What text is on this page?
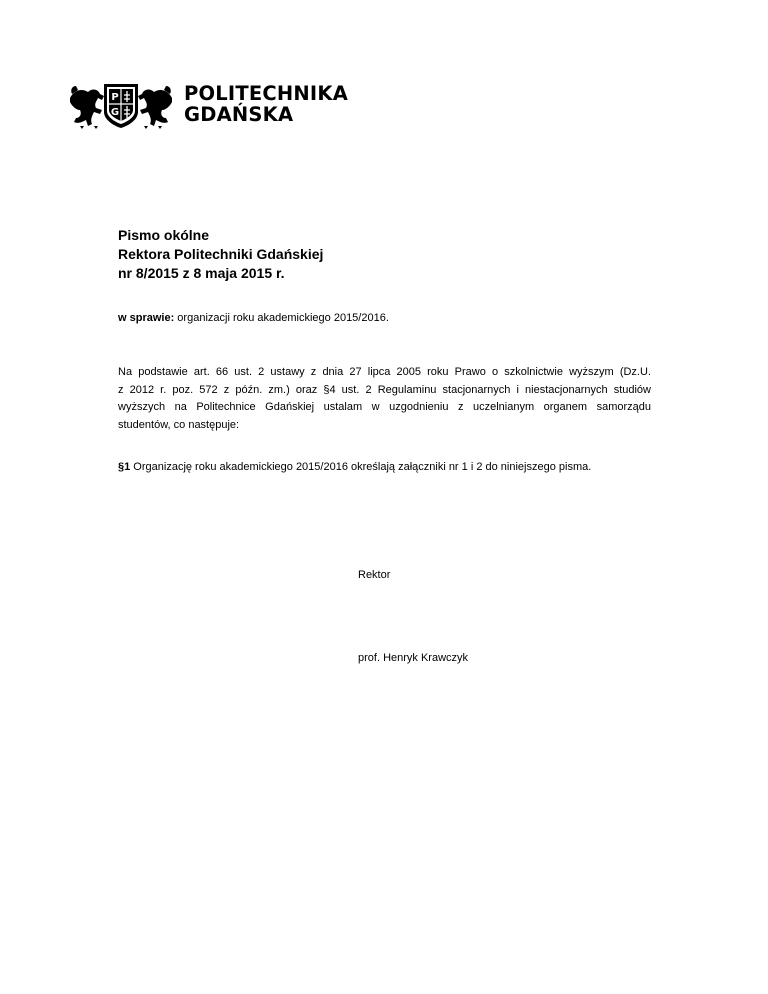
P
G
POLITECHNIKA
GDAŃSKA
Pismo okólne
Rektora Politechniki Gdańskiej
nr 8/2015 z 8 maja 2015 r.
w sprawie: organizacji roku akademickiego 2015/2016.
Na podstawie art. 66 ust. 2 ustawy z dnia 27 lipca 2005 roku Prawo o szkolnictwie wyższym (Dz.U.
z 2012 r. poz. 572 z późn. zm.) oraz §4 ust. 2 Regulaminu stacjonarnych i niestacjonarnych studiów
wyższych na Politechnice Gdańskiej ustalam w uzgodnieniu z uczelnianym organem samorządu
studentów, co następuje:
§1 Organizację roku akademickiego 2015/2016 określają załączniki nr 1 i 2 do niniejszego pisma.
Rektor
prof. Henryk Krawczyk
